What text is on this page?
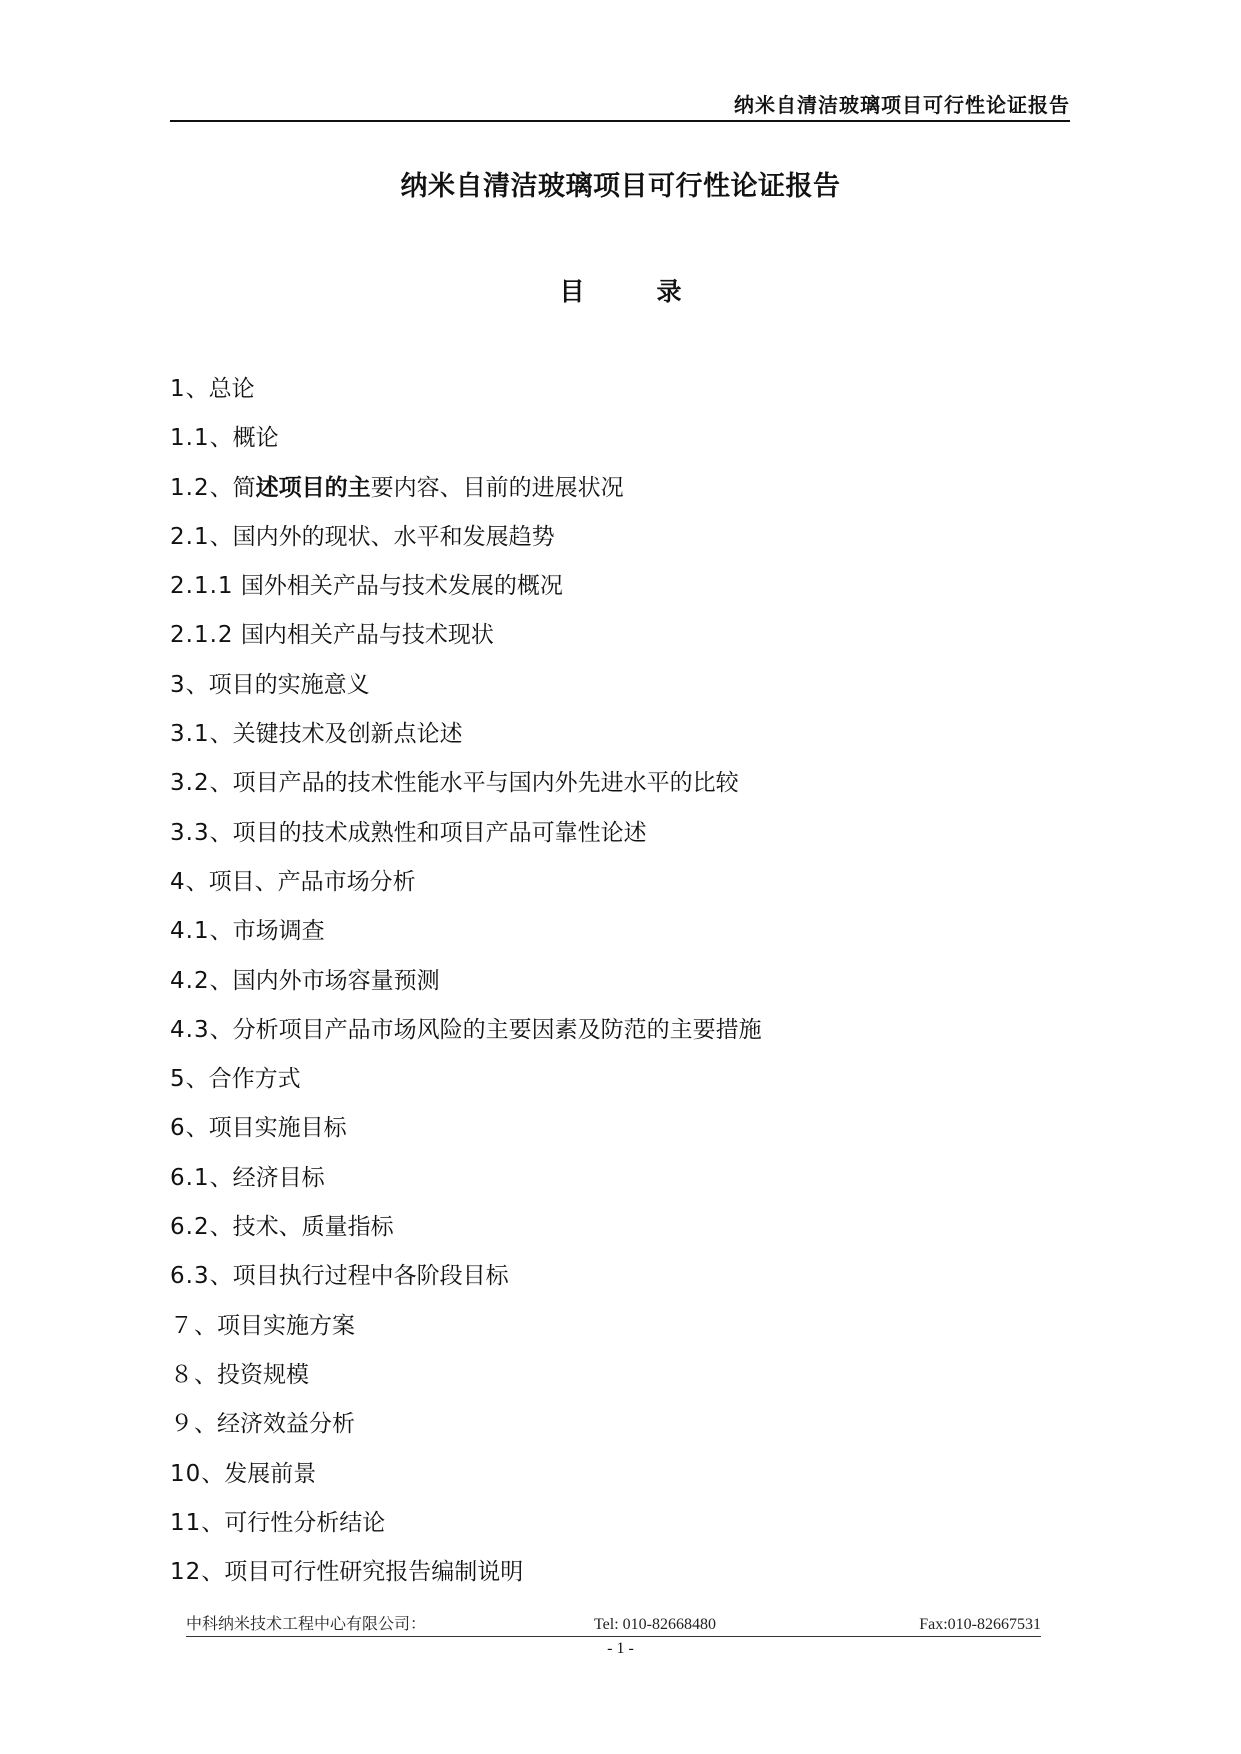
纳米自清洁玻璃项目可行性论证报告
纳米自清洁玻璃项目可行性论证报告
目	录
1、总论
1.1、概论
1.2、简述项目的主要内容、目前的进展状况
2.1、国内外的现状、水平和发展趋势
2.1.1 国外相关产品与技术发展的概况
2.1.2 国内相关产品与技术现状
3、项目的实施意义
3.1、关键技术及创新点论述
3.2、项目产品的技术性能水平与国内外先进水平的比较
3.3、项目的技术成熟性和项目产品可靠性论述
4、项目、产品市场分析
4.1、市场调查
4.2、国内外市场容量预测
4.3、分析项目产品市场风险的主要因素及防范的主要措施
5、合作方式
6、项目实施目标
6.1、经济目标
6.2、技术、质量指标
6.3、项目执行过程中各阶段目标
７、项目实施方案
８、投资规模
９、经济效益分析
10、发展前景
11、可行性分析结论
12、项目可行性研究报告编制说明
中科纳米技术工程中心有限公司：	Tel: 010-82668480	Fax:010-82667531
- 1 -
